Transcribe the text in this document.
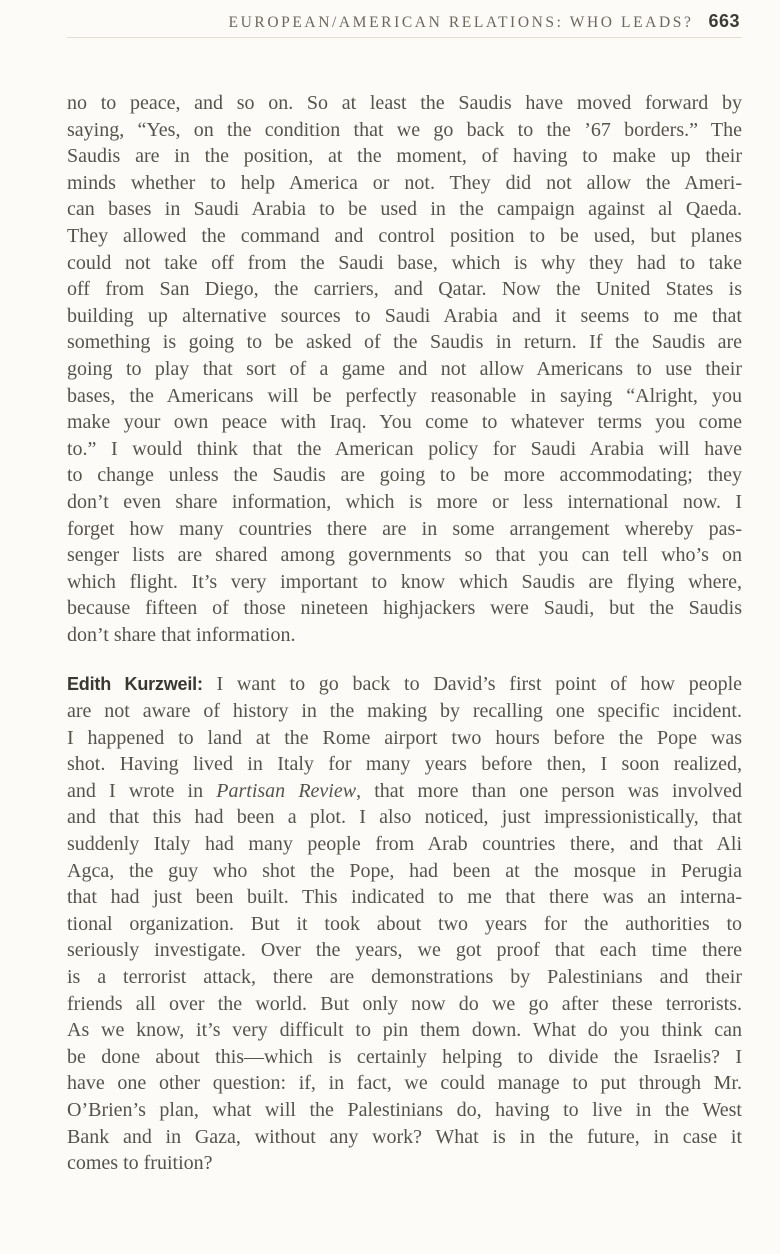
EUROPEAN/AMERICAN RELATIONS: WHO LEADS? 663
no to peace, and so on. So at least the Saudis have moved forward by
saying, “Yes, on the condition that we go back to the ’67 borders.” The
Saudis are in the position, at the moment, of having to make up their
minds whether to help America or not. They did not allow the Ameri-
can bases in Saudi Arabia to be used in the campaign against al Qaeda.
They allowed the command and control position to be used, but planes
could not take off from the Saudi base, which is why they had to take
off from San Diego, the carriers, and Qatar. Now the United States is
building up alternative sources to Saudi Arabia and it seems to me that
something is going to be asked of the Saudis in return. If the Saudis are
going to play that sort of a game and not allow Americans to use their
bases, the Americans will be perfectly reasonable in saying “Alright, you
make your own peace with Iraq. You come to whatever terms you come
to.” I would think that the American policy for Saudi Arabia will have
to change unless the Saudis are going to be more accommodating; they
don’t even share information, which is more or less international now. I
forget how many countries there are in some arrangement whereby pas-
senger lists are shared among governments so that you can tell who’s on
which flight. It’s very important to know which Saudis are flying where,
because fifteen of those nineteen highjackers were Saudi, but the Saudis
don’t share that information.
Edith Kurzweil: I want to go back to David’s first point of how people
are not aware of history in the making by recalling one specific incident.
I happened to land at the Rome airport two hours before the Pope was
shot. Having lived in Italy for many years before then, I soon realized,
and I wrote in Partisan Review, that more than one person was involved
and that this had been a plot. I also noticed, just impressionistically, that
suddenly Italy had many people from Arab countries there, and that Ali
Agca, the guy who shot the Pope, had been at the mosque in Perugia
that had just been built. This indicated to me that there was an interna-
tional organization. But it took about two years for the authorities to
seriously investigate. Over the years, we got proof that each time there
is a terrorist attack, there are demonstrations by Palestinians and their
friends all over the world. But only now do we go after these terrorists.
As we know, it’s very difficult to pin them down. What do you think can
be done about this—which is certainly helping to divide the Israelis? I
have one other question: if, in fact, we could manage to put through Mr.
O’Brien’s plan, what will the Palestinians do, having to live in the West
Bank and in Gaza, without any work? What is in the future, in case it
comes to fruition?
